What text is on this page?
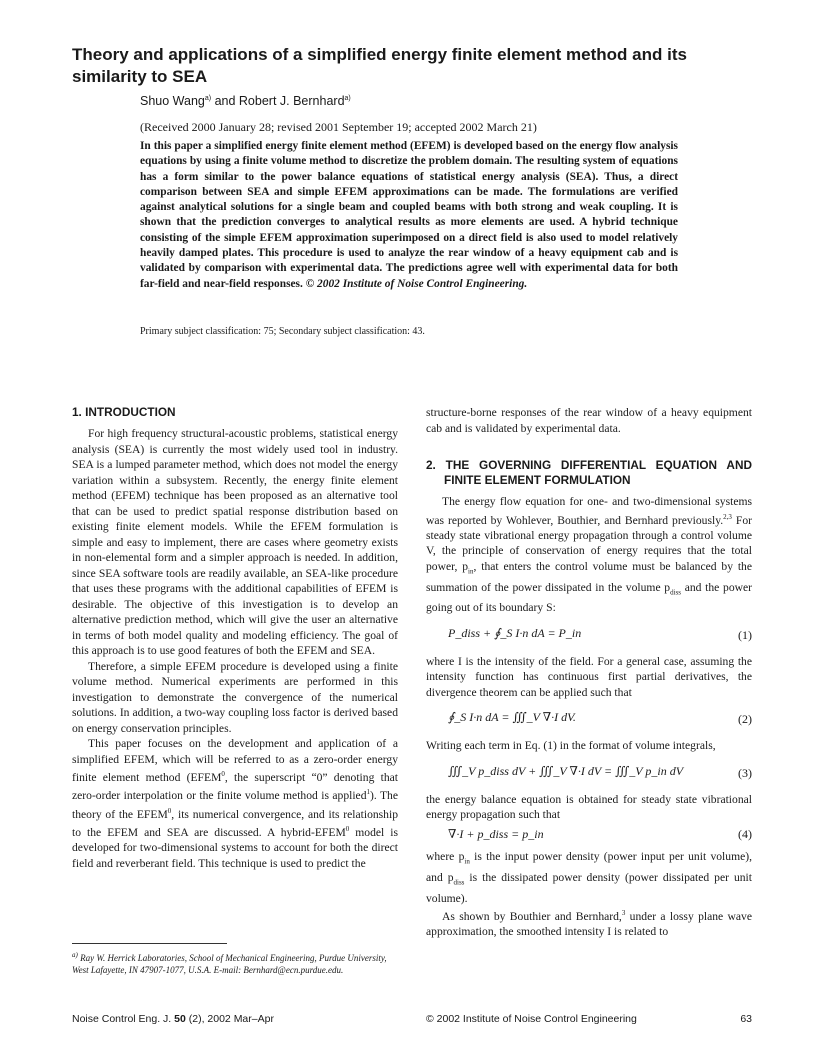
Theory and applications of a simplified energy finite element method and its similarity to SEA
Shuo Wang$^{a)}$ and Robert J. Bernhard$^{a)}$
(Received 2000 January 28; revised 2001 September 19; accepted 2002 March 21)
In this paper a simplified energy finite element method (EFEM) is developed based on the energy flow analysis equations by using a finite volume method to discretize the problem domain. The resulting system of equations has a form similar to the power balance equations of statistical energy analysis (SEA). Thus, a direct comparison between SEA and simple EFEM approximations can be made. The formulations are verified against analytical solutions for a single beam and coupled beams with both strong and weak coupling. It is shown that the prediction converges to analytical results as more elements are used. A hybrid technique consisting of the simple EFEM approximation superimposed on a direct field is also used to model relatively heavily damped plates. This procedure is used to analyze the rear window of a heavy equipment cab and is validated by comparison with experimental data. The predictions agree well with experimental data for both far-field and near-field responses. © 2002 Institute of Noise Control Engineering.
Primary subject classification: 75; Secondary subject classification: 43.
1. INTRODUCTION

For high frequency structural-acoustic problems, statistical energy analysis (SEA) is currently the most widely used tool in industry. SEA is a lumped parameter method, which does not model the energy variation within a subsystem. Recently, the energy finite element method (EFEM) technique has been proposed as an alternative tool that can be used to predict spatial response distribution based on existing finite element models. While the EFEM formulation is simple and easy to implement, there are cases where geometry exists in non-elemental form and a simpler approach is needed. In addition, since SEA software tools are readily available, an SEA-like procedure that uses these programs with the additional capabilities of EFEM is desirable. The objective of this investigation is to develop an alternative prediction method, which will give the user an alternative in terms of both model quality and modeling efficiency. The goal of this approach is to use good features of both the EFEM and SEA.

Therefore, a simple EFEM procedure is developed using a finite volume method. Numerical experiments are performed in this investigation to demonstrate the convergence of the numerical solutions. In addition, a two-way coupling loss factor is derived based on energy conservation principles.

This paper focuses on the development and application of a simplified EFEM, which will be referred to as a zero-order energy finite element method (EFEM$^0$, the superscript “0” denoting that zero-order interpolation or the finite volume method is applied$^1$). The theory of the EFEM$^0$, its numerical convergence, and its relationship to the EFEM and SEA are discussed. A hybrid-EFEM$^0$ model is developed for two-dimensional systems to account for both the direct field and reverberant field. This technique is used to predict the

structure-borne responses of the rear window of a heavy equipment cab and is validated by experimental data.

2. THE GOVERNING DIFFERENTIAL EQUATION AND FINITE ELEMENT FORMULATION

The energy flow equation for one- and two-dimensional systems was reported by Wohlever, Bouthier, and Bernhard previously.$^{2,3}$ For steady state vibrational energy propagation through a control volume V, the principle of conservation of energy requires that the total power, $p_{in}$, that enters the control volume must be balanced by the summation of the power dissipated in the volume $p_{diss}$ and the power going out of its boundary S:

P_diss + ∮_S I·n dA = P_in	(1)

where I is the intensity of the field. For a general case, assuming the intensity function has continuous first partial derivatives, the divergence theorem can be applied such that

∮_S I·n dA = ∭_V ∇·I dV.	(2)

Writing each term in Eq. (1) in the format of volume integrals,

∭_V p_diss dV + ∭_V ∇·I dV = ∭_V p_in dV	(3)

the energy balance equation is obtained for steady state vibrational energy propagation such that

∇·I + p_diss = p_in	(4)

where $p_{in}$ is the input power density (power input per unit volume), and $p_{diss}$ is the dissipated power density (power dissipated per unit volume).

As shown by Bouthier and Bernhard,$^3$ under a lossy plane wave approximation, the smoothed intensity I is related to

$^{a)}$ Ray W. Herrick Laboratories, School of Mechanical Engineering, Purdue University, West Lafayette, IN 47907-1077, U.S.A. E-mail: Bernhard@ecn.purdue.edu.
Noise Control Eng. J. 50 (2), 2002 Mar–Apr	© 2002 Institute of Noise Control Engineering	63
